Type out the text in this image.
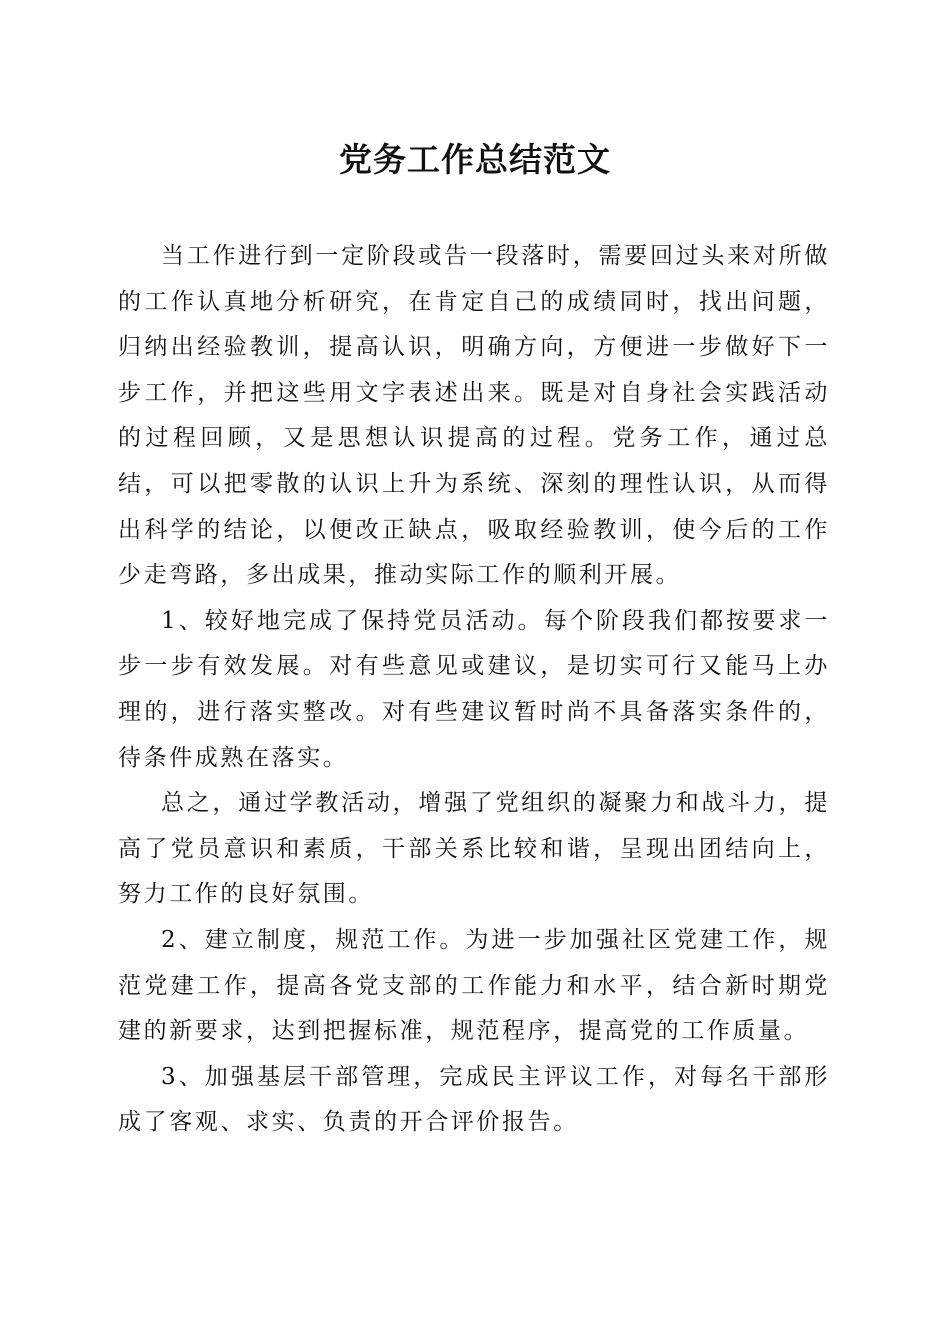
党务工作总结范文

当工作进行到一定阶段或告一段落时，需要回过头来对所做的工作认真地分析研究，在肯定自己的成绩同时，找出问题，归纳出经验教训，提高认识，明确方向，方便进一步做好下一步工作，并把这些用文字表述出来。既是对自身社会实践活动的过程回顾，又是思想认识提高的过程。党务工作，通过总结，可以把零散的认识上升为系统、深刻的理性认识，从而得出科学的结论，以便改正缺点，吸取经验教训，使今后的工作少走弯路，多出成果，推动实际工作的顺利开展。

1、较好地完成了保持党员活动。每个阶段我们都按要求一步一步有效发展。对有些意见或建议，是切实可行又能马上办理的，进行落实整改。对有些建议暂时尚不具备落实条件的，待条件成熟在落实。

总之，通过学教活动，增强了党组织的凝聚力和战斗力，提高了党员意识和素质，干部关系比较和谐，呈现出团结向上，努力工作的良好氛围。

2、建立制度，规范工作。为进一步加强社区党建工作，规范党建工作，提高各党支部的工作能力和水平，结合新时期党建的新要求，达到把握标准，规范程序，提高党的工作质量。

3、加强基层干部管理，完成民主评议工作，对每名干部形成了客观、求实、负责的开合评价报告。
